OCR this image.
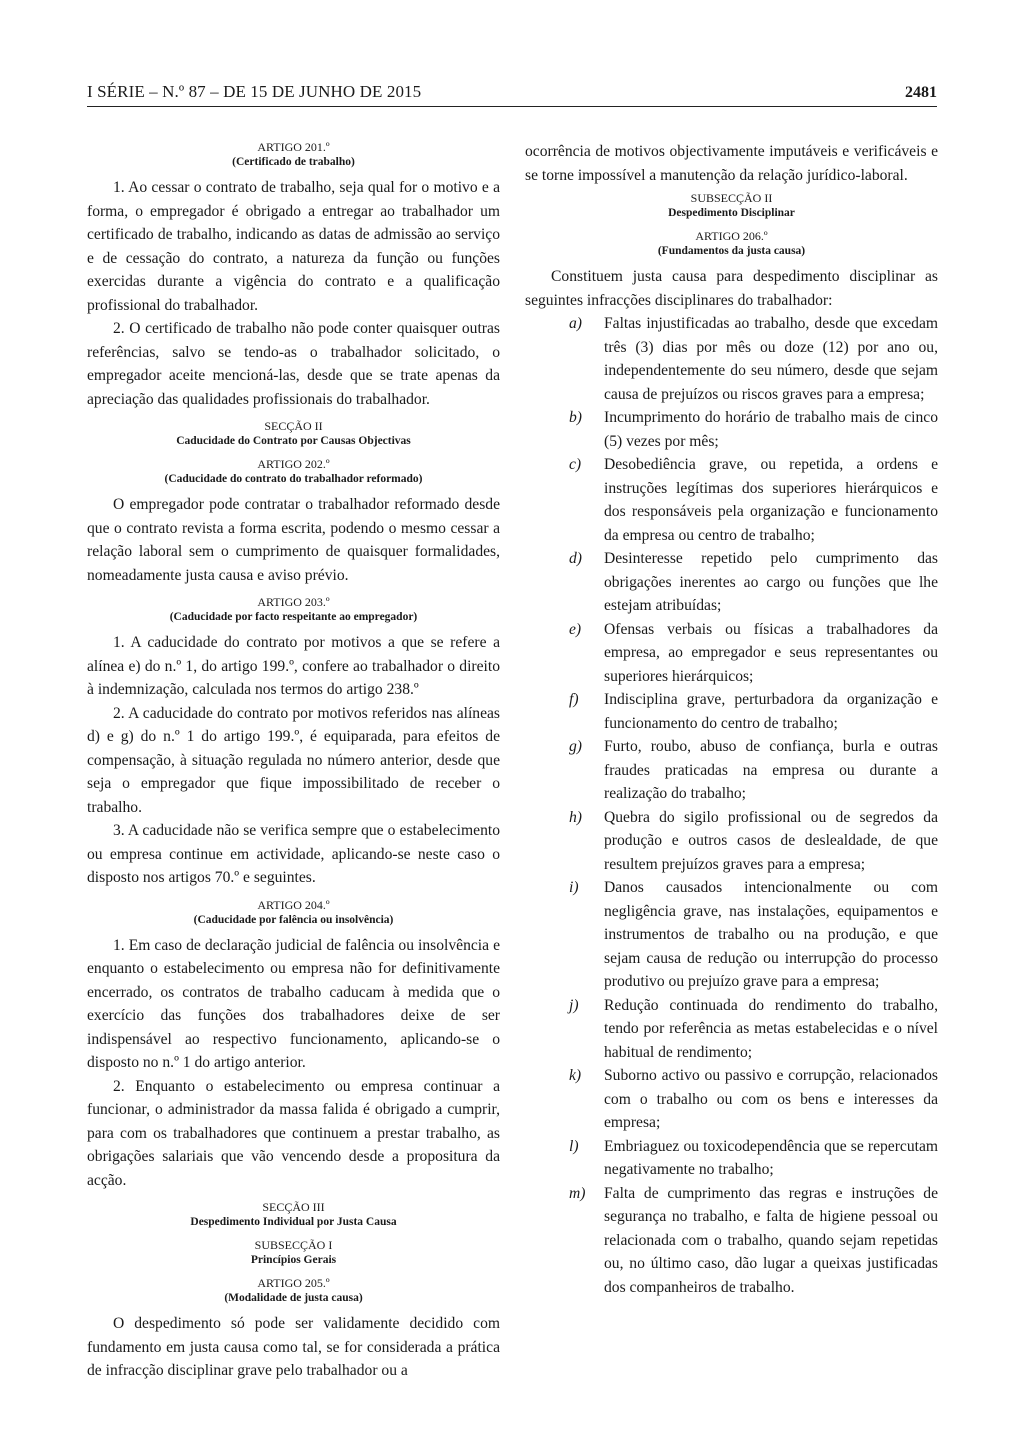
I SÉRIE – N.º 87 – DE 15 DE JUNHO DE 2015	2481
ARTIGO 201.º
(Certificado de trabalho)

1. Ao cessar o contrato de trabalho, seja qual for o motivo e a forma, o empregador é obrigado a entregar ao trabalhador um certificado de trabalho, indicando as datas de admissão ao serviço e de cessação do contrato, a natureza da função ou funções exercidas durante a vigência do contrato e a qualificação profissional do trabalhador.

2. O certificado de trabalho não pode conter quaisquer outras referências, salvo se tendo-as o trabalhador solicitado, o empregador aceite mencioná-las, desde que se trate apenas da apreciação das qualidades profissionais do trabalhador.

SECÇÃO II
Caducidade do Contrato por Causas Objectivas
ARTIGO 202.º
(Caducidade do contrato do trabalhador reformado)

O empregador pode contratar o trabalhador reformado desde que o contrato revista a forma escrita, podendo o mesmo cessar a relação laboral sem o cumprimento de quaisquer formalidades, nomeadamente justa causa e aviso prévio.

ARTIGO 203.º
(Caducidade por facto respeitante ao empregador)

1. A caducidade do contrato por motivos a que se refere a alínea e) do n.º 1, do artigo 199.º, confere ao trabalhador o direito à indemnização, calculada nos termos do artigo 238.º

2. A caducidade do contrato por motivos referidos nas alíneas d) e g) do n.º 1 do artigo 199.º, é equiparada, para efeitos de compensação, à situação regulada no número anterior, desde que seja o empregador que fique impossibilitado de receber o trabalho.

3. A caducidade não se verifica sempre que o estabelecimento ou empresa continue em actividade, aplicando-se neste caso o disposto nos artigos 70.º e seguintes.

ARTIGO 204.º
(Caducidade por falência ou insolvência)

1. Em caso de declaração judicial de falência ou insolvência e enquanto o estabelecimento ou empresa não for definitivamente encerrado, os contratos de trabalho caducam à medida que o exercício das funções dos trabalhadores deixe de ser indispensável ao respectivo funcionamento, aplicando-se o disposto no n.º 1 do artigo anterior.

2. Enquanto o estabelecimento ou empresa continuar a funcionar, o administrador da massa falida é obrigado a cumprir, para com os trabalhadores que continuem a prestar trabalho, as obrigações salariais que vão vencendo desde a propositura da acção.

SECÇÃO III
Despedimento Individual por Justa Causa
SUBSECÇÃO I
Princípios Gerais
ARTIGO 205.º
(Modalidade de justa causa)

O despedimento só pode ser validamente decidido com fundamento em justa causa como tal, se for considerada a prática de infracção disciplinar grave pelo trabalhador ou a

ocorrência de motivos objectivamente imputáveis e verificáveis e se torne impossível a manutenção da relação jurídico-laboral.

SUBSECÇÃO II
Despedimento Disciplinar
ARTIGO 206.º
(Fundamentos da justa causa)

Constituem justa causa para despedimento disciplinar as seguintes infracções disciplinares do trabalhador:

a) Faltas injustificadas ao trabalho, desde que excedam três (3) dias por mês ou doze (12) por ano ou, independentemente do seu número, desde que sejam causa de prejuízos ou riscos graves para a empresa;
b) Incumprimento do horário de trabalho mais de cinco (5) vezes por mês;
c) Desobediência grave, ou repetida, a ordens e instruções legítimas dos superiores hierárquicos e dos responsáveis pela organização e funcionamento da empresa ou centro de trabalho;
d) Desinteresse repetido pelo cumprimento das obrigações inerentes ao cargo ou funções que lhe estejam atribuídas;
e) Ofensas verbais ou físicas a trabalhadores da empresa, ao empregador e seus representantes ou superiores hierárquicos;
f) Indisciplina grave, perturbadora da organização e funcionamento do centro de trabalho;
g) Furto, roubo, abuso de confiança, burla e outras fraudes praticadas na empresa ou durante a realização do trabalho;
h) Quebra do sigilo profissional ou de segredos da produção e outros casos de deslealdade, de que resultem prejuízos graves para a empresa;
i) Danos causados intencionalmente ou com negligência grave, nas instalações, equipamentos e instrumentos de trabalho ou na produção, e que sejam causa de redução ou interrupção do processo produtivo ou prejuízo grave para a empresa;
j) Redução continuada do rendimento do trabalho, tendo por referência as metas estabelecidas e o nível habitual de rendimento;
k) Suborno activo ou passivo e corrupção, relacionados com o trabalho ou com os bens e interesses da empresa;
l) Embriaguez ou toxicodependência que se repercutam negativamente no trabalho;
m) Falta de cumprimento das regras e instruções de segurança no trabalho, e falta de higiene pessoal ou relacionada com o trabalho, quando sejam repetidas ou, no último caso, dão lugar a queixas justificadas dos companheiros de trabalho.
